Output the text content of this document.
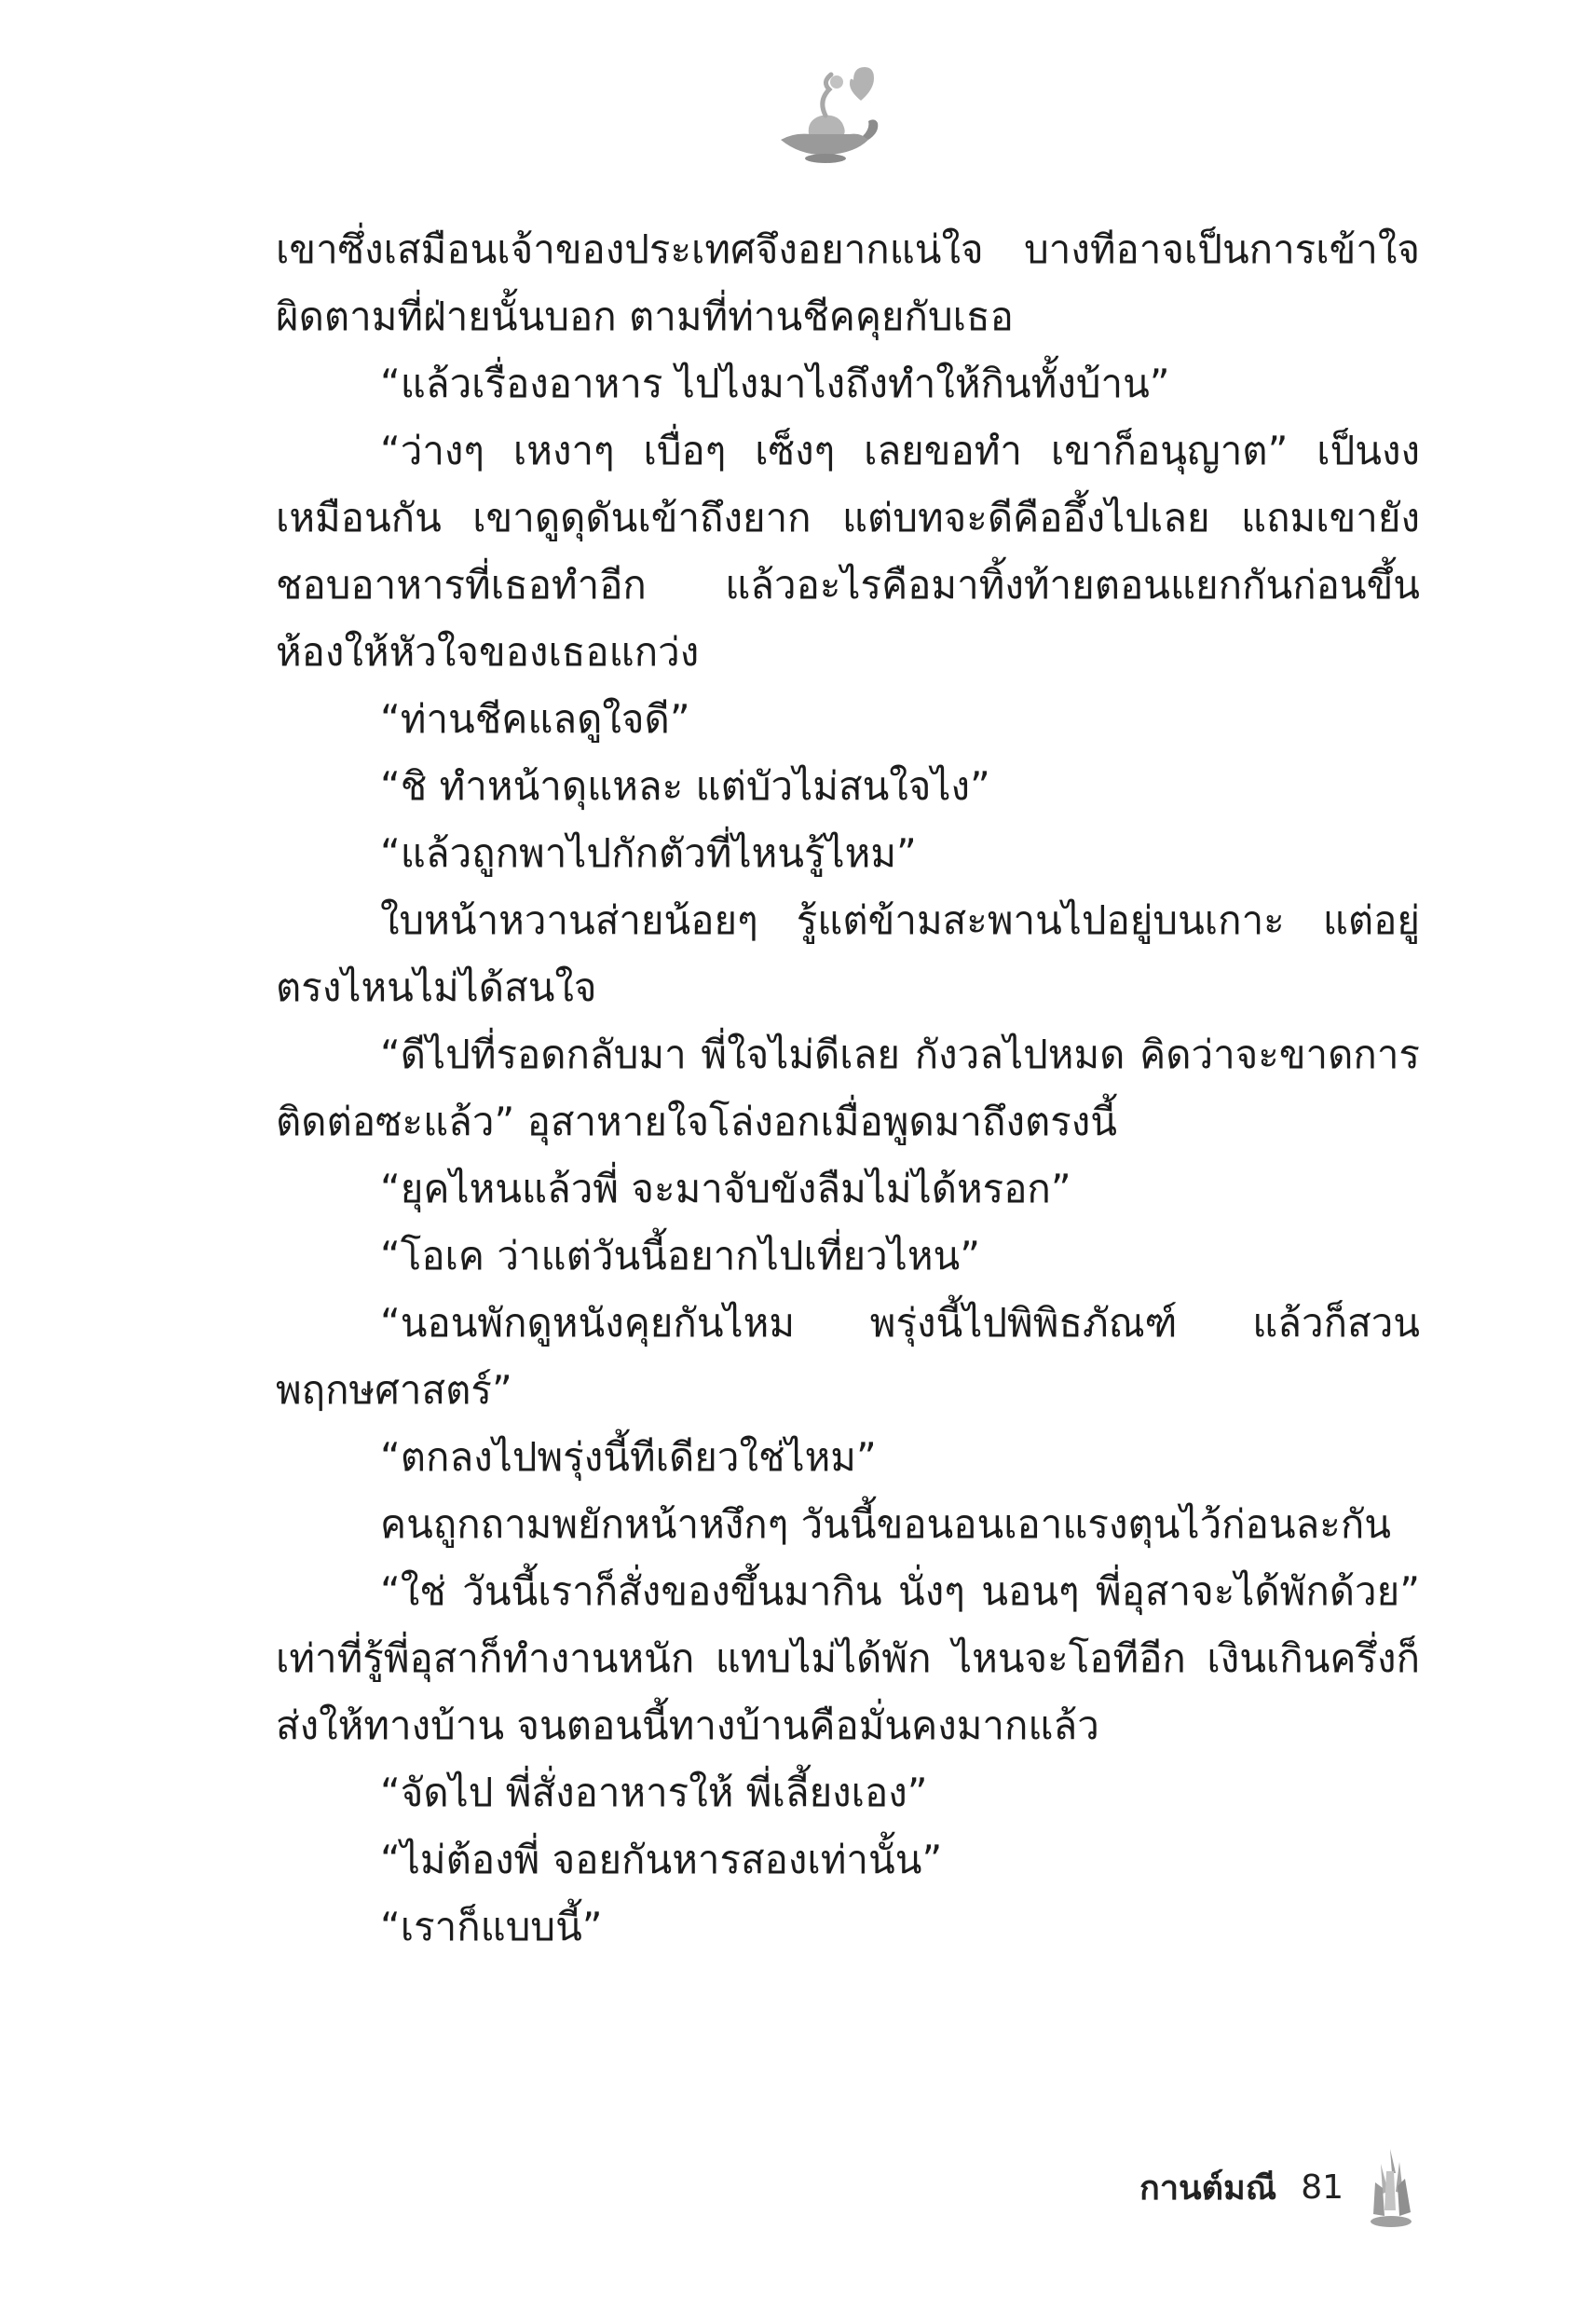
เขาซึ่งเสมือนเจ้าของประเทศจึงอยากแน่ใจ บางทีอาจเป็นการเข้าใจผิดตามที่ฝ่ายนั้นบอก ตามที่ท่านชีคคุยกับเธอ

“แล้วเรื่องอาหาร ไปไงมาไงถึงทำให้กินทั้งบ้าน”

“ว่างๆ เหงาๆ เบื่อๆ เซ็งๆ เลยขอทำ เขาก็อนุญาต” เป็นงงเหมือนกัน เขาดูดุดันเข้าถึงยาก แต่บทจะดีคืออึ้งไปเลย แถมเขายังชอบอาหารที่เธอทำอีก แล้วอะไรคือมาทิ้งท้ายตอนแยกกันก่อนขึ้นห้องให้หัวใจของเธอแกว่ง

“ท่านชีคแลดูใจดี”

“ชิ ทำหน้าดุแหละ แต่บัวไม่สนใจไง”

“แล้วถูกพาไปกักตัวที่ไหนรู้ไหม”

ใบหน้าหวานส่ายน้อยๆ รู้แต่ข้ามสะพานไปอยู่บนเกาะ แต่อยู่ตรงไหนไม่ได้สนใจ

“ดีไปที่รอดกลับมา พี่ใจไม่ดีเลย กังวลไปหมด คิดว่าจะขาดการติดต่อซะแล้ว” อุสาหายใจโล่งอกเมื่อพูดมาถึงตรงนี้

“ยุคไหนแล้วพี่ จะมาจับขังลืมไม่ได้หรอก”

“โอเค ว่าแต่วันนี้อยากไปเที่ยวไหน”

“นอนพักดูหนังคุยกันไหม พรุ่งนี้ไปพิพิธภัณฑ์ แล้วก็สวนพฤกษศาสตร์”

“ตกลงไปพรุ่งนี้ทีเดียวใช่ไหม”

คนถูกถามพยักหน้าหงึกๆ วันนี้ขอนอนเอาแรงตุนไว้ก่อนละกัน

“ใช่ วันนี้เราก็สั่งของขึ้นมากิน นั่งๆ นอนๆ พี่อุสาจะได้พักด้วย” เท่าที่รู้พี่อุสาก็ทำงานหนัก แทบไม่ได้พัก ไหนจะโอทีอีก เงินเกินครึ่งก็ส่งให้ทางบ้าน จนตอนนี้ทางบ้านคือมั่นคงมากแล้ว

“จัดไป พี่สั่งอาหารให้ พี่เลี้ยงเอง”

“ไม่ต้องพี่ จอยกันหารสองเท่านั้น”

“เราก็แบบนี้”

กานต์มณี 81
